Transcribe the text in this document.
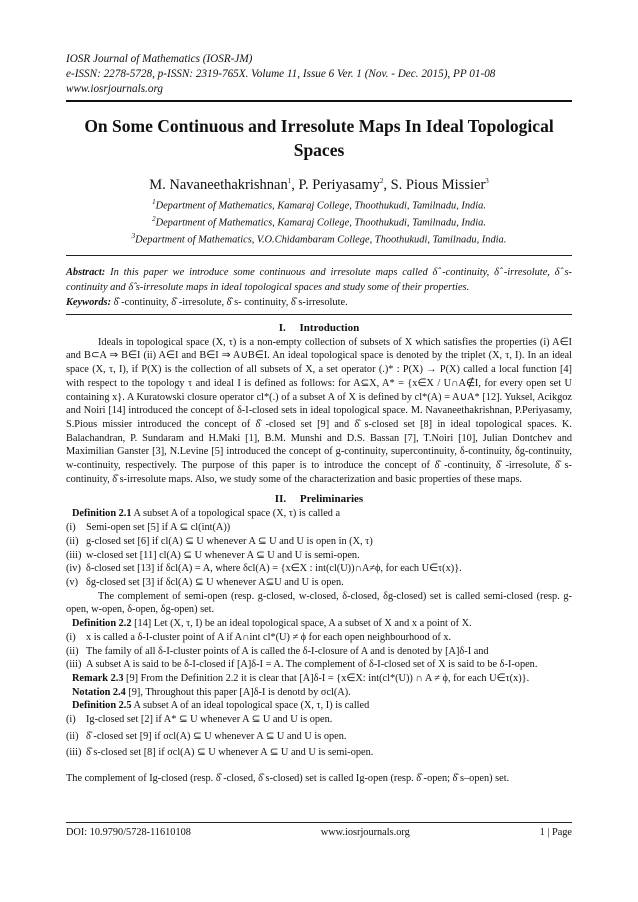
IOSR Journal of Mathematics (IOSR-JM)
e-ISSN: 2278-5728, p-ISSN: 2319-765X. Volume 11, Issue 6 Ver. 1 (Nov. - Dec. 2015), PP 01-08
www.iosrjournals.org
On Some Continuous and Irresolute Maps In Ideal Topological
Spaces
M. Navaneethakrishnan$^1$, P. Periyasamy$^2$, S. Pious Missier$^3$
$^1$Department of Mathematics, Kamaraj College, Thoothukudi, Tamilnadu, India.
$^2$Department of Mathematics, Kamaraj College, Thoothukudi, Tamilnadu, India.
$^3$Department of Mathematics, V.O.Chidambaram College, Thoothukudi, Tamilnadu, India.
Abstract: In this paper we introduce some continuous and irresolute maps called δ̂ -continuity, δ̂ -irresolute, δ̂ s-continuity and δ̂ s-irresolute maps in ideal topological spaces and study some of their properties.
Keywords: δ̂ -continuity, δ̂ -irresolute, δ̂ s- continuity, δ̂ s-irresolute.
I.     Introduction
Ideals in topological space (X, τ) is a non-empty collection of subsets of X which satisfies the properties (i) A∈I and B⊂A ⇒ B∈I (ii) A∈I and B∈I ⇒ A∪B∈I. An ideal topological space is denoted by the triplet (X, τ, I). In an ideal space (X, τ, I), if P(X) is the collection of all subsets of X, a set operator (.)* : P(X) → P(X) called a local function [4] with respect to the topology τ and ideal I is defined as follows: for A⊆X, A* = {x∈X / U∩A∉I, for every open set U containing x}. A Kuratowski closure operator cl*(.) of a subset A of X is defined by cl*(A) = A∪A* [12]. Yuksel, Acikgoz and Noiri [14] introduced the concept of δ-I-closed sets in ideal topological space. M. Navaneethakrishnan, P.Periyasamy, S.Pious missier introduced the concept of δ̂ -closed set [9] and δ̂ s-closed set [8] in ideal topological spaces. K. Balachandran, P. Sundaram and H.Maki [1], B.M. Munshi and D.S. Bassan [7], T.Noiri [10], Julian Dontchev and Maximilian Ganster [3], N.Levine [5] introduced the concept of g-continuity, supercontinuity, δ-continuity, δg-continuity, w-continuity, respectively. The purpose of this paper is to introduce the concept of δ̂ -continuity, δ̂ -irresolute, δ̂ s-continuity, δ̂ s-irresolute maps. Also, we study some of the characterization and basic properties of these maps.
II.     Preliminaries
Definition 2.1 A subset A of a topological space (X, τ) is called a
(i) Semi-open set [5] if A ⊆ cl(int(A))
(ii) g-closed set [6] if cl(A) ⊆ U whenever A ⊆ U and U is open in (X, τ)
(iii) w-closed set [11] cl(A) ⊆ U whenever A ⊆ U and U is semi-open.
(iv) δ-closed set [13] if δcl(A) = A, where δcl(A) = {x∈X : int(cl(U))∩A≠ϕ, for each U∈τ(x)}.
(v) δg-closed set [3] if δcl(A) ⊆ U whenever A⊆U and U is open.
The complement of semi-open (resp. g-closed, w-closed, δ-closed, δg-closed) set is called semi-closed (resp. g-open, w-open, δ-open, δg-open) set.
Definition 2.2 [14] Let (X, τ, I) be an ideal topological space, A a subset of X and x a point of X.
(i) x is called a δ-I-cluster point of A if A∩int cl*(U) ≠ ϕ for each open neighbourhood of x.
(ii) The family of all δ-I-cluster points of A is called the δ-I-closure of A and is denoted by [A]δ-I and
(iii) A subset A is said to be δ-I-closed if [A]δ-I = A. The complement of δ-I-closed set of X is said to be δ-I-open.
Remark 2.3 [9] From the Definition 2.2 it is clear that [A]δ-I = {x∈X: int(cl*(U)) ∩ A ≠ ϕ, for each U∈τ(x)}.
Notation 2.4 [9], Throughout this paper [A]δ-I is denotd by σcl(A).
Definition 2.5 A subset A of an ideal topological space (X, τ, I) is called
(i) Ig-closed set [2] if A* ⊆ U whenever A ⊆ U and U is open.
(ii) δ̂ -closed set [9] if σcl(A) ⊆ U whenever A ⊆ U and U is open.
(iii) δ̂ s-closed set [8] if σcl(A) ⊆ U whenever A ⊆ U and U is semi-open.
The complement of Ig-closed (resp. δ̂ -closed, δ̂ s-closed) set is called Ig-open (resp. δ̂ -open; δ̂ s–open) set.
DOI: 10.9790/5728-11610108	www.iosrjournals.org	1 | Page
